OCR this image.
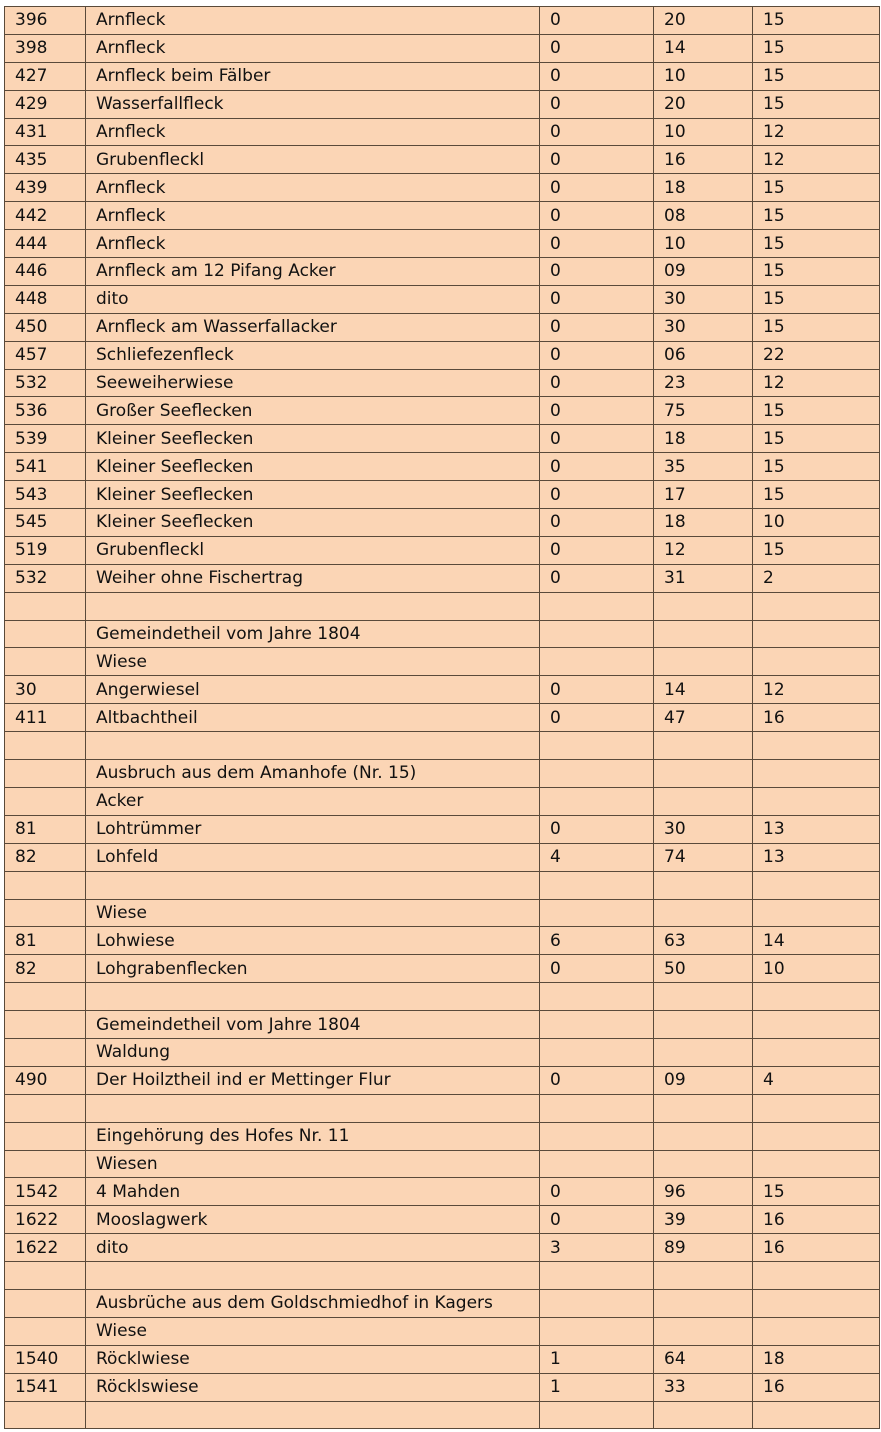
396	Arnfleck	0	20	15
398	Arnfleck	0	14	15
427	Arnfleck beim Fälber	0	10	15
429	Wasserfallfleck	0	20	15
431	Arnfleck	0	10	12
435	Grubenfleckl	0	16	12
439	Arnfleck	0	18	15
442	Arnfleck	0	08	15
444	Arnfleck	0	10	15
446	Arnfleck am 12 Pifang Acker	0	09	15
448	dito	0	30	15
450	Arnfleck am Wasserfallacker	0	30	15
457	Schliefezenfleck	0	06	22
532	Seeweiherwiese	0	23	12
536	Großer Seeflecken	0	75	15
539	Kleiner Seeflecken	0	18	15
541	Kleiner Seeflecken	0	35	15
543	Kleiner Seeflecken	0	17	15
545	Kleiner Seeflecken	0	18	10
519	Grubenfleckl	0	12	15
532	Weiher ohne Fischertrag	0	31	2

	Gemeindetheil vom Jahre 1804			
	Wiese			
30	Angerwiesel	0	14	12
411	Altbachtheil	0	47	16

	Ausbruch aus dem Amanhofe (Nr. 15)			
	Acker			
81	Lohtrümmer	0	30	13
82	Lohfeld	4	74	13

	Wiese			
81	Lohwiese	6	63	14
82	Lohgrabenflecken	0	50	10

	Gemeindetheil vom Jahre 1804			
	Waldung			
490	Der Hoilztheil ind er Mettinger Flur	0	09	4

	Eingehörung des Hofes Nr. 11			
	Wiesen			
1542	4 Mahden	0	96	15
1622	Mooslagwerk	0	39	16
1622	dito	3	89	16

	Ausbrüche aus dem Goldschmiedhof in Kagers			
	Wiese			
1540	Röcklwiese	1	64	18
1541	Röcklswiese	1	33	16
